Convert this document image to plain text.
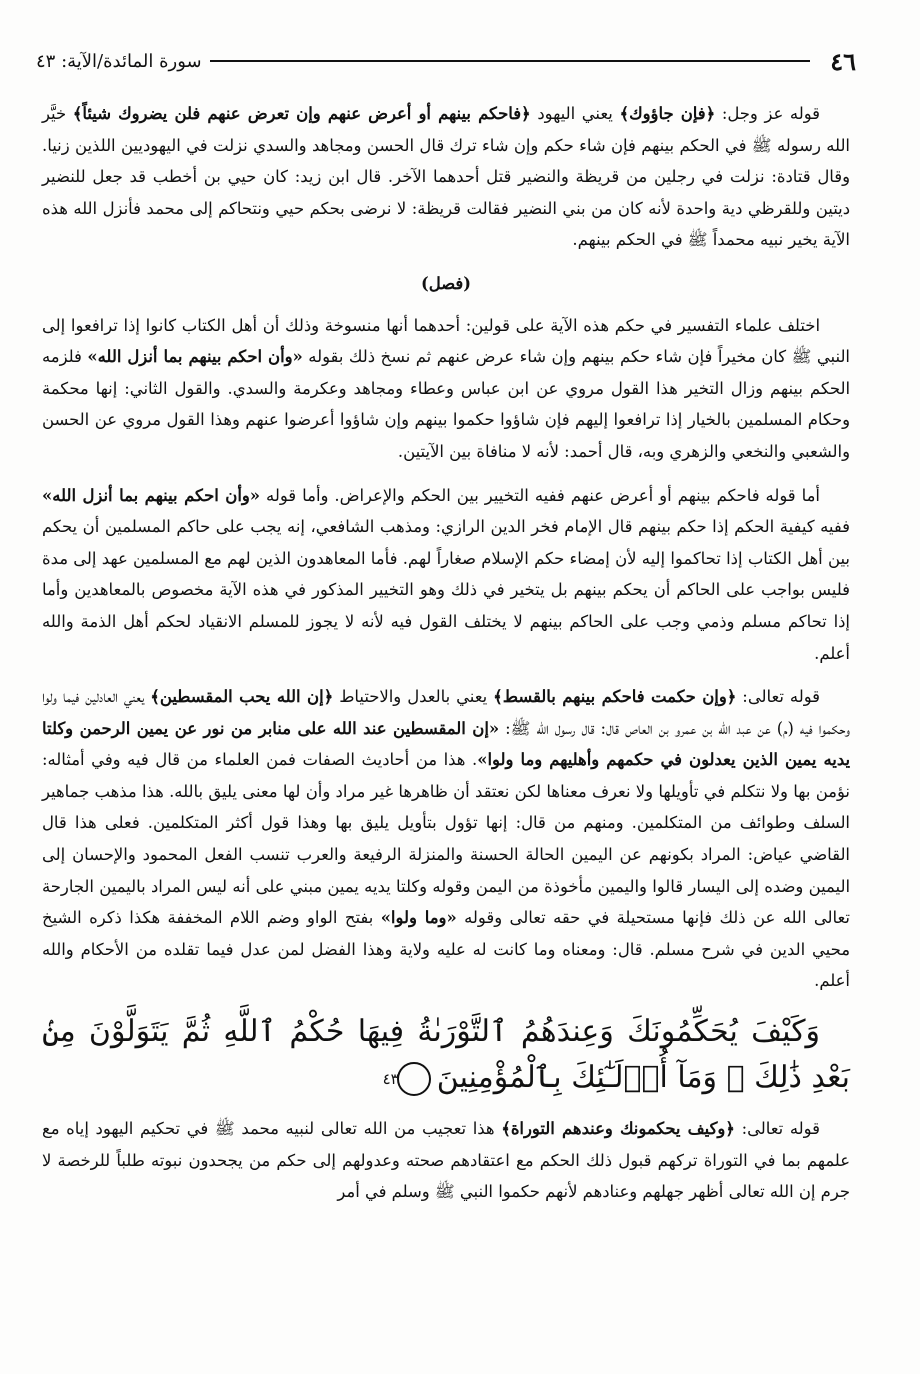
٤٦
سورة المائدة/الآية: ٤٣

قوله عز وجل: ﴿فإن جاؤوك﴾ يعني اليهود ﴿فاحكم بينهم أو أعرض عنهم وإن تعرض عنهم فلن يضروك شيئاً﴾ خيَّر الله رسوله ﷺ في الحكم بينهم فإن شاء حكم وإن شاء ترك قال الحسن ومجاهد والسدي نزلت في اليهوديين اللذين زنيا. وقال قتادة: نزلت في رجلين من قريظة والنضير قتل أحدهما الآخر. قال ابن زيد: كان حيي بن أخطب قد جعل للنضير ديتين وللقرظي دية واحدة لأنه كان من بني النضير فقالت قريظة: لا نرضى بحكم حيي ونتحاكم إلى محمد فأنزل الله هذه الآية يخير نبيه محمداً ﷺ في الحكم بينهم.

(فصل)

اختلف علماء التفسير في حكم هذه الآية على قولين: أحدهما أنها منسوخة وذلك أن أهل الكتاب كانوا إذا ترافعوا إلى النبي ﷺ كان مخيراً فإن شاء حكم بينهم وإن شاء عرض عنهم ثم نسخ ذلك بقوله «وأن احكم بينهم بما أنزل الله» فلزمه الحكم بينهم وزال التخير هذا القول مروي عن ابن عباس وعطاء ومجاهد وعكرمة والسدي. والقول الثاني: إنها محكمة وحكام المسلمين بالخيار إذا ترافعوا إليهم فإن شاؤوا حكموا بينهم وإن شاؤوا أعرضوا عنهم وهذا القول مروي عن الحسن والشعبي والنخعي والزهري وبه، قال أحمد: لأنه لا منافاة بين الآيتين.

أما قوله فاحكم بينهم أو أعرض عنهم ففيه التخيير بين الحكم والإعراض. وأما قوله «وأن احكم بينهم بما أنزل الله» ففيه كيفية الحكم إذا حكم بينهم قال الإمام فخر الدين الرازي: ومذهب الشافعي، إنه يجب على حاكم المسلمين أن يحكم بين أهل الكتاب إذا تحاكموا إليه لأن إمضاء حكم الإسلام صغاراً لهم. فأما المعاهدون الذين لهم مع المسلمين عهد إلى مدة فليس بواجب على الحاكم أن يحكم بينهم بل يتخير في ذلك وهو التخيير المذكور في هذه الآية مخصوص بالمعاهدين وأما إذا تحاكم مسلم وذمي وجب على الحاكم بينهم لا يختلف القول فيه لأنه لا يجوز للمسلم الانقياد لحكم أهل الذمة والله أعلم.

قوله تعالى: ﴿وإن حكمت فاحكم بينهم بالقسط﴾ يعني بالعدل والاحتياط ﴿إن الله يحب المقسطين﴾ يعني العادلين فيما ولوا وحكموا فيه (م) عن عبد الله بن عمرو بن العاص قال: قال رسول الله ﷺ: «إن المقسطين عند الله على منابر من نور عن يمين الرحمن وكلتا يديه يمين الذين يعدلون في حكمهم وأهليهم وما ولوا». هذا من أحاديث الصفات فمن العلماء من قال فيه وفي أمثاله: نؤمن بها ولا نتكلم في تأويلها ولا نعرف معناها لكن نعتقد أن ظاهرها غير مراد وأن لها معنى يليق بالله. هذا مذهب جماهير السلف وطوائف من المتكلمين. ومنهم من قال: إنها تؤول بتأويل يليق بها وهذا قول أكثر المتكلمين. فعلى هذا قال القاضي عياض: المراد بكونهم عن اليمين الحالة الحسنة والمنزلة الرفيعة والعرب تنسب الفعل المحمود والإحسان إلى اليمين وضده إلى اليسار قالوا واليمين مأخوذة من اليمن وقوله وكلتا يديه يمين مبني على أنه ليس المراد باليمين الجارحة تعالى الله عن ذلك فإنها مستحيلة في حقه تعالى وقوله «وما ولوا» بفتح الواو وضم اللام المخففة هكذا ذكره الشيخ محيي الدين في شرح مسلم. قال: ومعناه وما كانت له عليه ولاية وهذا الفضل لمن عدل فيما تقلده من الأحكام والله أعلم.

وَكَيْفَ يُحَكِّمُونَكَ وَعِندَهُمُ ٱلتَّوْرَىٰةُ فِيهَا حُكْمُ ٱللَّهِ ثُمَّ يَتَوَلَّوْنَ مِنۢ بَعْدِ ذَٰلِكَ ۚ وَمَآ أُو۟لَـٰٓئِكَ بِٱلْمُؤْمِنِينَ٤٣

قوله تعالى: ﴿وكيف يحكمونك وعندهم التوراة﴾ هذا تعجيب من الله تعالى لنبيه محمد ﷺ في تحكيم اليهود إياه مع علمهم بما في التوراة تركهم قبول ذلك الحكم مع اعتقادهم صحته وعدولهم إلى حكم من يجحدون نبوته طلباً للرخصة لا جرم إن الله تعالى أظهر جهلهم وعنادهم لأنهم حكموا النبي ﷺ وسلم في أمر
